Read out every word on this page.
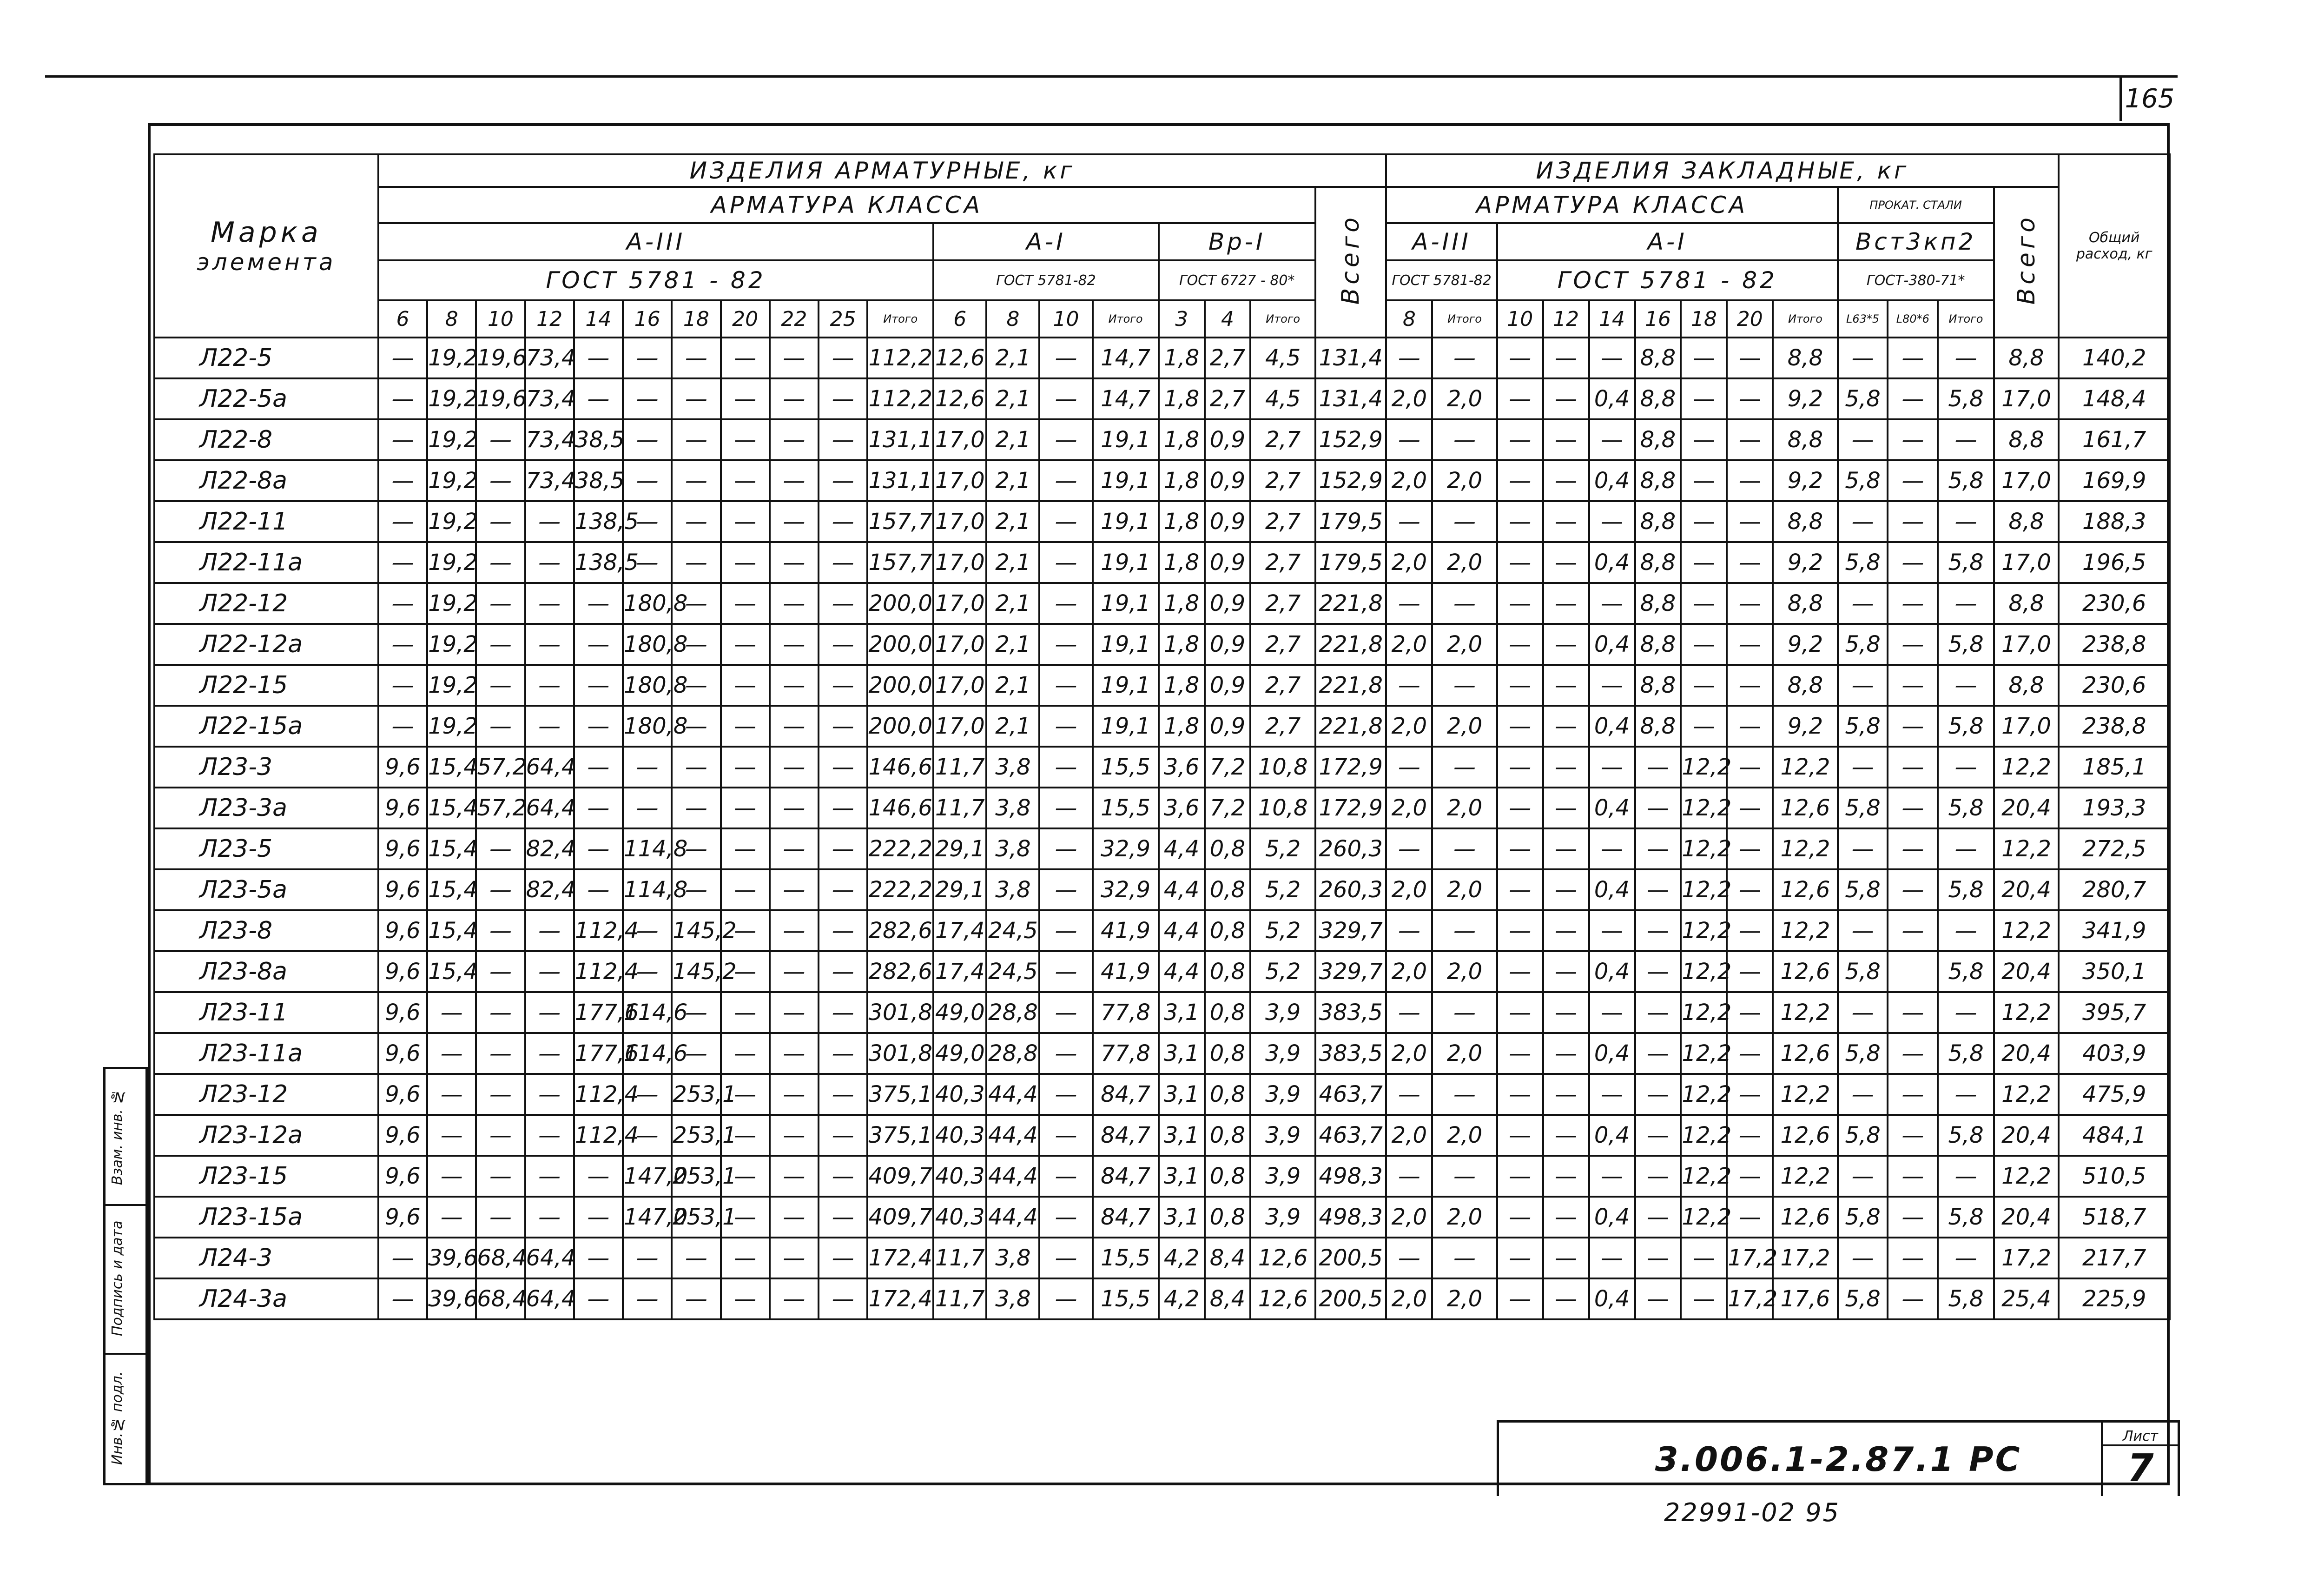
165
Взам. инв. №
Подпись и дата
Инв.№ подл.
Марка
элемента	ИЗДЕЛИЯ АРМАТУРНЫЕ, кг																			ИЗДЕЛИЯ ЗАКЛАДНЫЕ, кг													Общий расход, кг
	АРМАТУРА КЛАССА																		Всего	АРМАТУРА КЛАССА									ПРОКАТ. СТАЛИ			Всего	
	А-III											А-I				Вр-I				А-III		А-I							Вст3кп2				
	ГОСТ 5781 - 82											ГОСТ 5781-82				ГОСТ 6727 - 80*				ГОСТ 5781-82		ГОСТ 5781 - 82							ГОСТ-380-71*				
	6	8	10	12	14	16	18	20	22	25	Итого	6	8	10	Итого	3	4	Итого		8	Итого	10	12	14	16	18	20	Итого	L63*5	L80*6	Итого		
Л22-5	—	19,2	19,6	73,4	—	—	—	—	—	—	112,2	12,6	2,1	—	14,7	1,8	2,7	4,5	131,4	—	—	—	—	—	8,8	—	—	8,8	—	—	—	8,8	140,2
Л22-5а	—	19,2	19,6	73,4	—	—	—	—	—	—	112,2	12,6	2,1	—	14,7	1,8	2,7	4,5	131,4	2,0	2,0	—	—	0,4	8,8	—	—	9,2	5,8	—	5,8	17,0	148,4
Л22-8	—	19,2	—	73,4	38,5	—	—	—	—	—	131,1	17,0	2,1	—	19,1	1,8	0,9	2,7	152,9	—	—	—	—	—	8,8	—	—	8,8	—	—	—	8,8	161,7
Л22-8а	—	19,2	—	73,4	38,5	—	—	—	—	—	131,1	17,0	2,1	—	19,1	1,8	0,9	2,7	152,9	2,0	2,0	—	—	0,4	8,8	—	—	9,2	5,8	—	5,8	17,0	169,9
Л22-11	—	19,2	—	—	138,5	—	—	—	—	—	157,7	17,0	2,1	—	19,1	1,8	0,9	2,7	179,5	—	—	—	—	—	8,8	—	—	8,8	—	—	—	8,8	188,3
Л22-11а	—	19,2	—	—	138,5	—	—	—	—	—	157,7	17,0	2,1	—	19,1	1,8	0,9	2,7	179,5	2,0	2,0	—	—	0,4	8,8	—	—	9,2	5,8	—	5,8	17,0	196,5
Л22-12	—	19,2	—	—	—	180,8	—	—	—	—	200,0	17,0	2,1	—	19,1	1,8	0,9	2,7	221,8	—	—	—	—	—	8,8	—	—	8,8	—	—	—	8,8	230,6
Л22-12а	—	19,2	—	—	—	180,8	—	—	—	—	200,0	17,0	2,1	—	19,1	1,8	0,9	2,7	221,8	2,0	2,0	—	—	0,4	8,8	—	—	9,2	5,8	—	5,8	17,0	238,8
Л22-15	—	19,2	—	—	—	180,8	—	—	—	—	200,0	17,0	2,1	—	19,1	1,8	0,9	2,7	221,8	—	—	—	—	—	8,8	—	—	8,8	—	—	—	8,8	230,6
Л22-15а	—	19,2	—	—	—	180,8	—	—	—	—	200,0	17,0	2,1	—	19,1	1,8	0,9	2,7	221,8	2,0	2,0	—	—	0,4	8,8	—	—	9,2	5,8	—	5,8	17,0	238,8
Л23-3	9,6	15,4	57,2	64,4	—	—	—	—	—	—	146,6	11,7	3,8	—	15,5	3,6	7,2	10,8	172,9	—	—	—	—	—	—	12,2	—	12,2	—	—	—	12,2	185,1
Л23-3а	9,6	15,4	57,2	64,4	—	—	—	—	—	—	146,6	11,7	3,8	—	15,5	3,6	7,2	10,8	172,9	2,0	2,0	—	—	0,4	—	12,2	—	12,6	5,8	—	5,8	20,4	193,3
Л23-5	9,6	15,4	—	82,4	—	114,8	—	—	—	—	222,2	29,1	3,8	—	32,9	4,4	0,8	5,2	260,3	—	—	—	—	—	—	12,2	—	12,2	—	—	—	12,2	272,5
Л23-5а	9,6	15,4	—	82,4	—	114,8	—	—	—	—	222,2	29,1	3,8	—	32,9	4,4	0,8	5,2	260,3	2,0	2,0	—	—	0,4	—	12,2	—	12,6	5,8	—	5,8	20,4	280,7
Л23-8	9,6	15,4	—	—	112,4	—	145,2	—	—	—	282,6	17,4	24,5	—	41,9	4,4	0,8	5,2	329,7	—	—	—	—	—	—	12,2	—	12,2	—	—	—	12,2	341,9
Л23-8а	9,6	15,4	—	—	112,4	—	145,2	—	—	—	282,6	17,4	24,5	—	41,9	4,4	0,8	5,2	329,7	2,0	2,0	—	—	0,4	—	12,2	—	12,6	5,8		5,8	20,4	350,1
Л23-11	9,6	—	—	—	177,6	114,6	—	—	—	—	301,8	49,0	28,8	—	77,8	3,1	0,8	3,9	383,5	—	—	—	—	—	—	12,2	—	12,2	—	—	—	12,2	395,7
Л23-11а	9,6	—	—	—	177,6	114,6	—	—	—	—	301,8	49,0	28,8	—	77,8	3,1	0,8	3,9	383,5	2,0	2,0	—	—	0,4	—	12,2	—	12,6	5,8	—	5,8	20,4	403,9
Л23-12	9,6	—	—	—	112,4	—	253,1	—	—	—	375,1	40,3	44,4	—	84,7	3,1	0,8	3,9	463,7	—	—	—	—	—	—	12,2	—	12,2	—	—	—	12,2	475,9
Л23-12а	9,6	—	—	—	112,4	—	253,1	—	—	—	375,1	40,3	44,4	—	84,7	3,1	0,8	3,9	463,7	2,0	2,0	—	—	0,4	—	12,2	—	12,6	5,8	—	5,8	20,4	484,1
Л23-15	9,6	—	—	—	—	147,0	253,1	—	—	—	409,7	40,3	44,4	—	84,7	3,1	0,8	3,9	498,3	—	—	—	—	—	—	12,2	—	12,2	—	—	—	12,2	510,5
Л23-15а	9,6	—	—	—	—	147,0	253,1	—	—	—	409,7	40,3	44,4	—	84,7	3,1	0,8	3,9	498,3	2,0	2,0	—	—	0,4	—	12,2	—	12,6	5,8	—	5,8	20,4	518,7
Л24-3	—	39,6	68,4	64,4	—	—	—	—	—	—	172,4	11,7	3,8	—	15,5	4,2	8,4	12,6	200,5	—	—	—	—	—	—	—	17,2	17,2	—	—	—	17,2	217,7
Л24-3а	—	39,6	68,4	64,4	—	—	—	—	—	—	172,4	11,7	3,8	—	15,5	4,2	8,4	12,6	200,5	2,0	2,0	—	—	0,4	—	—	17,2	17,6	5,8	—	5,8	25,4	225,9

3.006.1-2.87.1 РС
Лист
7
22991-02 95
